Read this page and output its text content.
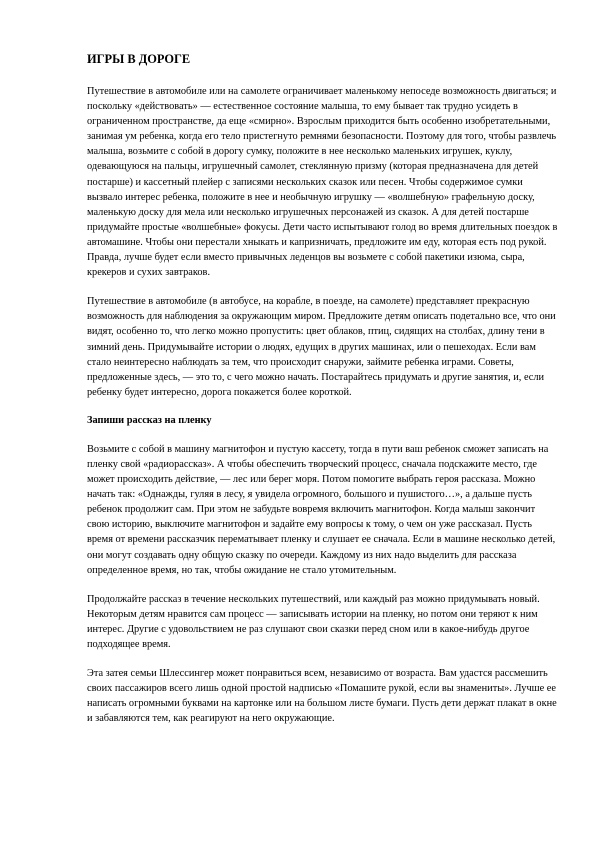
ИГРЫ В ДОРОГЕ

Путешествие в автомобиле или на самолете ограничивает маленькому непоседе возможность двигаться; и поскольку «действовать» — естественное состояние малыша, то ему бывает так трудно усидеть в ограниченном пространстве, да еще «смирно». Взрослым приходится быть особенно изобретательными, занимая ум ребенка, когда его тело пристегнуто ремнями безопасности. Поэтому для того, чтобы развлечь малыша, возьмите с собой в дорогу сумку, положите в нее несколько маленьких игрушек, куклу, одевающуюся на пальцы, игрушечный самолет, стеклянную призму (которая предназначена для детей постарше) и кассетный плейер с записями нескольких сказок или песен. Чтобы содержимое сумки вызвало интерес ребенка, положите в нее и необычную игрушку — «волшебную» графельную доску, маленькую доску для мела или несколько игрушечных персонажей из сказок. А для детей постарше придумайте простые «волшебные» фокусы. Дети часто испытывают голод во время длительных поездок в автомашине. Чтобы они перестали хныкать и капризничать, предложите им еду, которая есть под рукой. Правда, лучше будет если вместо привычных леденцов вы возьмете с собой пакетики изюма, сыра, крекеров и сухих завтраков.

Путешествие в автомобиле (в автобусе, на корабле, в поезде, на самолете) представляет прекрасную возможность для наблюдения за окружающим миром. Предложите детям описать подетально все, что они видят, особенно то, что легко можно пропустить: цвет облаков, птиц, сидящих на столбах, длину тени в зимний день. Придумывайте истории о людях, едущих в других машинах, или о пешеходах. Если вам стало неинтересно наблюдать за тем, что происходит снаружи, займите ребенка играми. Советы, предложенные здесь, — это то, с чего можно начать. Постарайтесь придумать и другие занятия, и, если ребенку будет интересно, дорога покажется более короткой.

Запиши рассказ на пленку

Возьмите с собой в машину магнитофон и пустую кассету, тогда в пути ваш ребенок сможет записать на пленку свой «радиорассказ». А чтобы обеспечить творческий процесс, сначала подскажите место, где может происходить действие, — лес или берег моря. Потом помогите выбрать героя рассказа. Можно начать так: «Однажды, гуляя в лесу, я увидела огромного, большого и пушистого…», а дальше пусть ребенок продолжит сам. При этом не забудьте вовремя включить магнитофон. Когда малыш закончит свою историю, выключите магнитофон и задайте ему вопросы к тому, о чем он уже рассказал. Пусть время от времени рассказчик перематывает пленку и слушает ее сначала. Если в машине несколько детей, они могут создавать одну общую сказку по очереди. Каждому из них надо выделить для рассказа определенное время, но так, чтобы ожидание не стало утомительным.

Продолжайте рассказ в течение нескольких путешествий, или каждый раз можно придумывать новый. Некоторым детям нравится сам процесс — записывать истории на пленку, но потом они теряют к ним интерес. Другие с удовольствием не раз слушают свои сказки перед сном или в какое-нибудь другое подходящее время.

Эта затея семьи Шлессингер может понравиться всем, независимо от возраста. Вам удастся рассмешить своих пассажиров всего лишь одной простой надписью «Помашите рукой, если вы знамениты». Лучше ее написать огромными буквами на картонке или на большом листе бумаги. Пусть дети держат плакат в окне и забавляются тем, как реагируют на него окружающие.
